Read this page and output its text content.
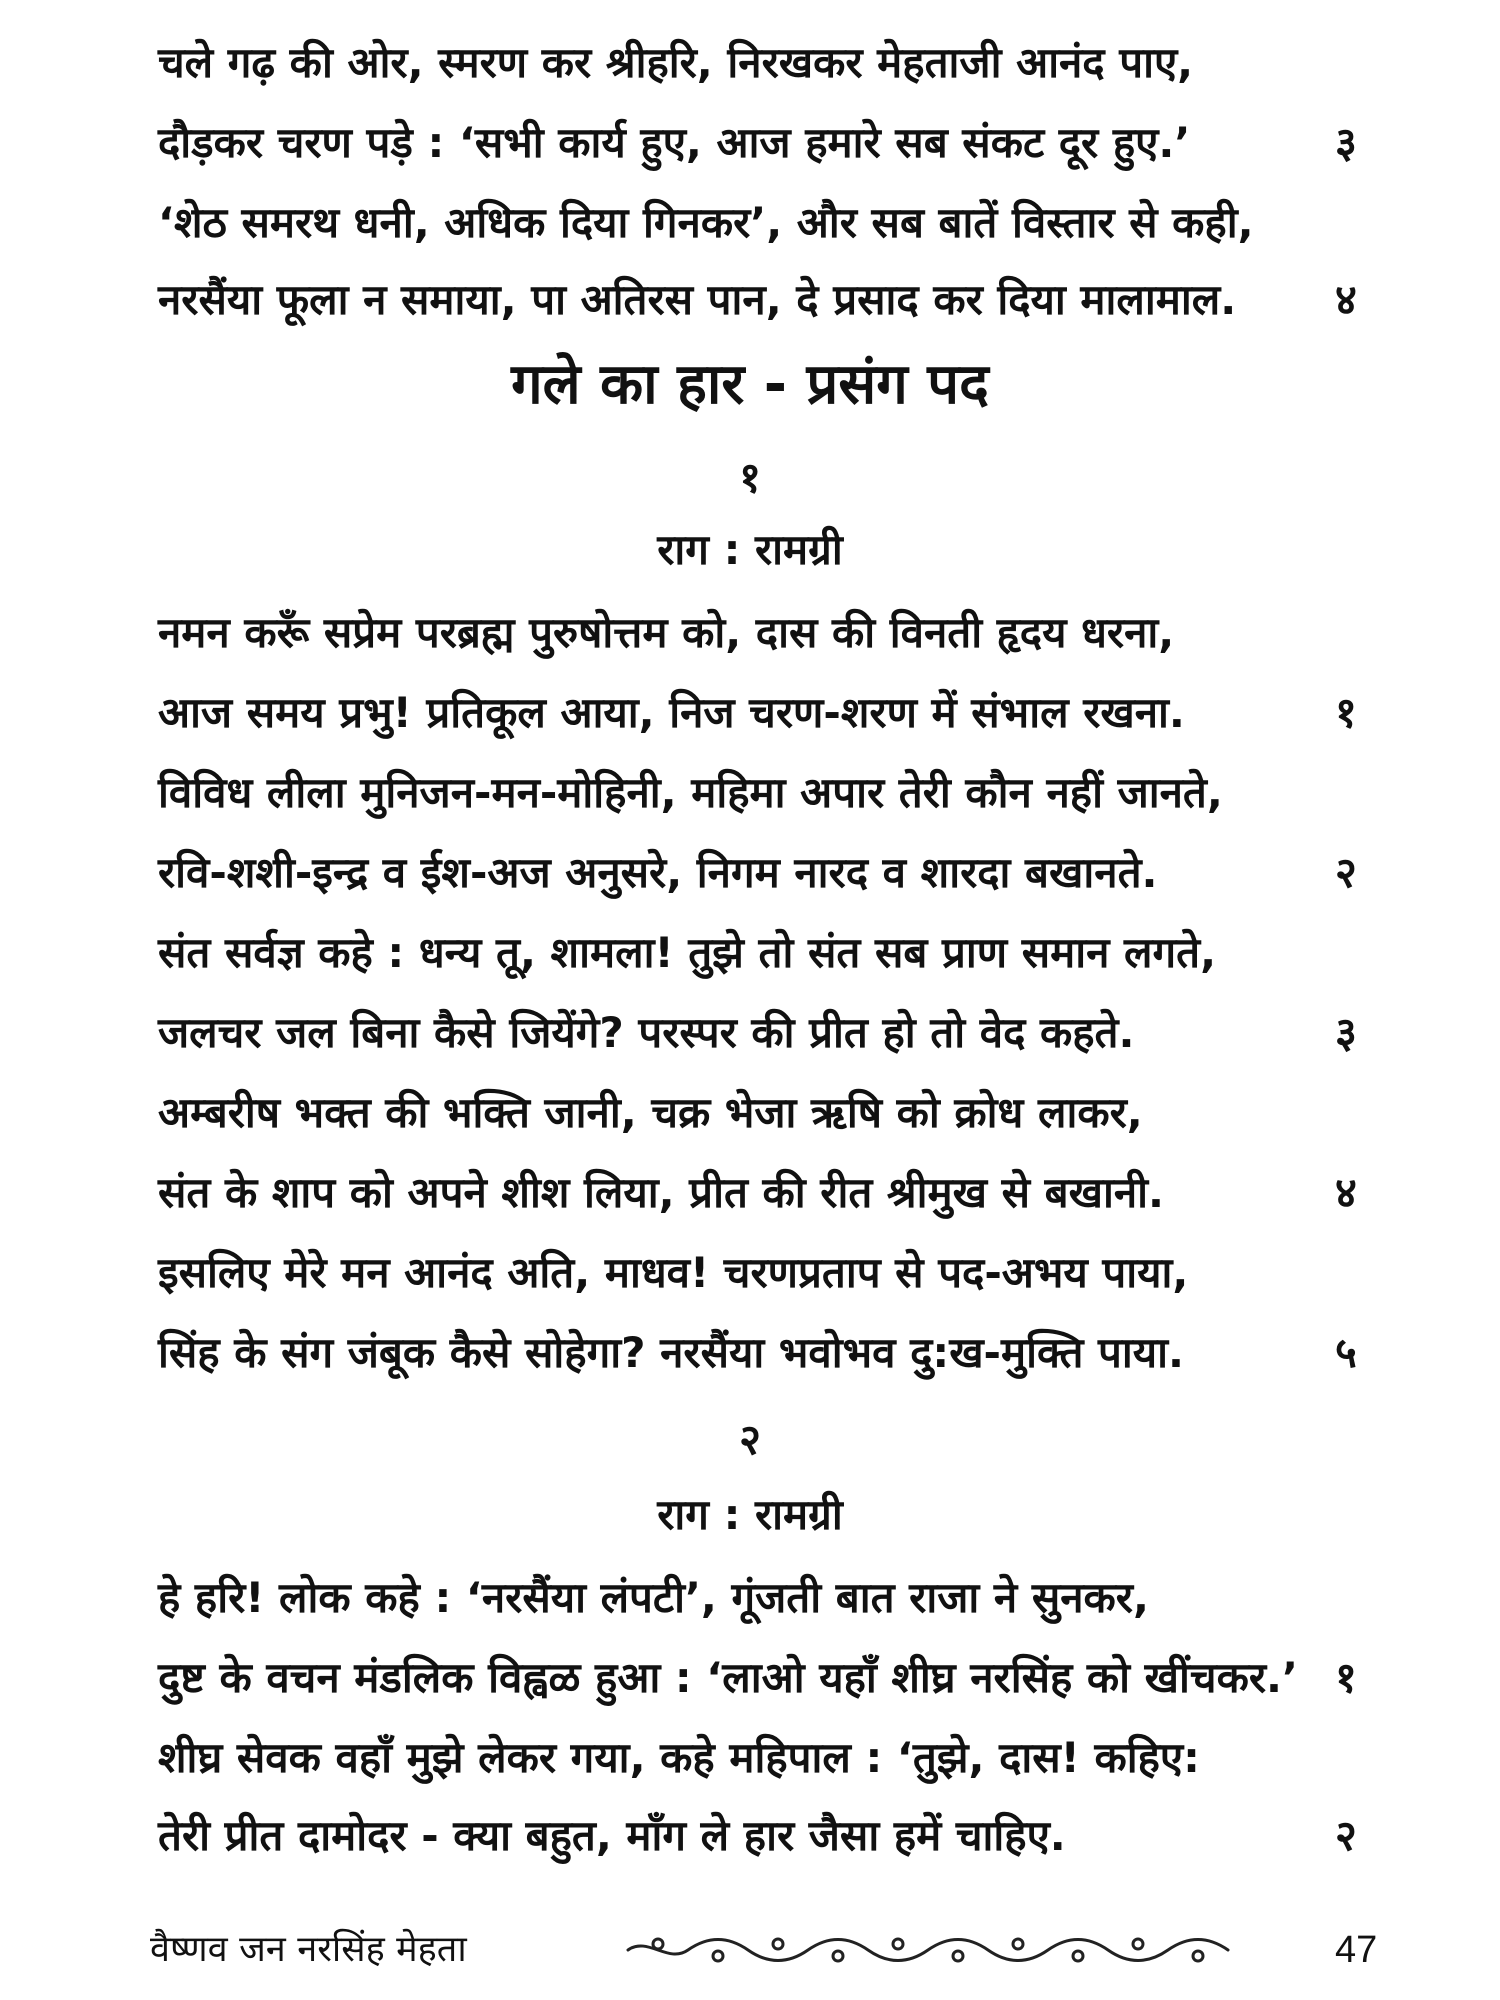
चले गढ़ की ओर, स्मरण कर श्रीहरि, निरखकर मेहताजी आनंद पाए,
दौड़कर चरण पड़े : ‘सभी कार्य हुए, आज हमारे सब संकट दूर हुए.’	३
‘शेठ समरथ धनी, अधिक दिया गिनकर’, और सब बातें विस्तार से कही,
नरसैंया फूला न समाया, पा अतिरस पान, दे प्रसाद कर दिया मालामाल.	४
गले का हार - प्रसंग पद
१
राग : रामग्री
नमन करूँ सप्रेम परब्रह्म पुरुषोत्तम को, दास की विनती हृदय धरना,
आज समय प्रभु! प्रतिकूल आया, निज चरण-शरण में संभाल रखना.	१
विविध लीला मुनिजन-मन-मोहिनी, महिमा अपार तेरी कौन नहीं जानते,
रवि-शशी-इन्द्र व ईश-अज अनुसरे, निगम नारद व शारदा बखानते.	२
संत सर्वज्ञ कहे : धन्य तू, शामला! तुझे तो संत सब प्राण समान लगते,
जलचर जल बिना कैसे जियेंगे? परस्पर की प्रीत हो तो वेद कहते.	३
अम्बरीष भक्त की भक्ति जानी, चक्र भेजा ऋषि को क्रोध लाकर,
संत के शाप को अपने शीश लिया, प्रीत की रीत श्रीमुख से बखानी.	४
इसलिए मेरे मन आनंद अति, माधव! चरणप्रताप से पद-अभय पाया,
सिंह के संग जंबूक कैसे सोहेगा? नरसैंया भवोभव दु:ख-मुक्ति पाया.	५
२
राग : रामग्री
हे हरि! लोक कहे : ‘नरसैंया लंपटी’, गूंजती बात राजा ने सुनकर,
दुष्ट के वचन मंडलिक विह्वळ हुआ : ‘लाओ यहाँ शीघ्र नरसिंह को खींचकर.’ १
शीघ्र सेवक वहाँ मुझे लेकर गया, कहे महिपाल : ‘तुझे, दास! कहिए:
तेरी प्रीत दामोदर - क्या बहुत, माँग ले हार जैसा हमें चाहिए.	२
वैष्णव जन नरसिंह मेहता	47
